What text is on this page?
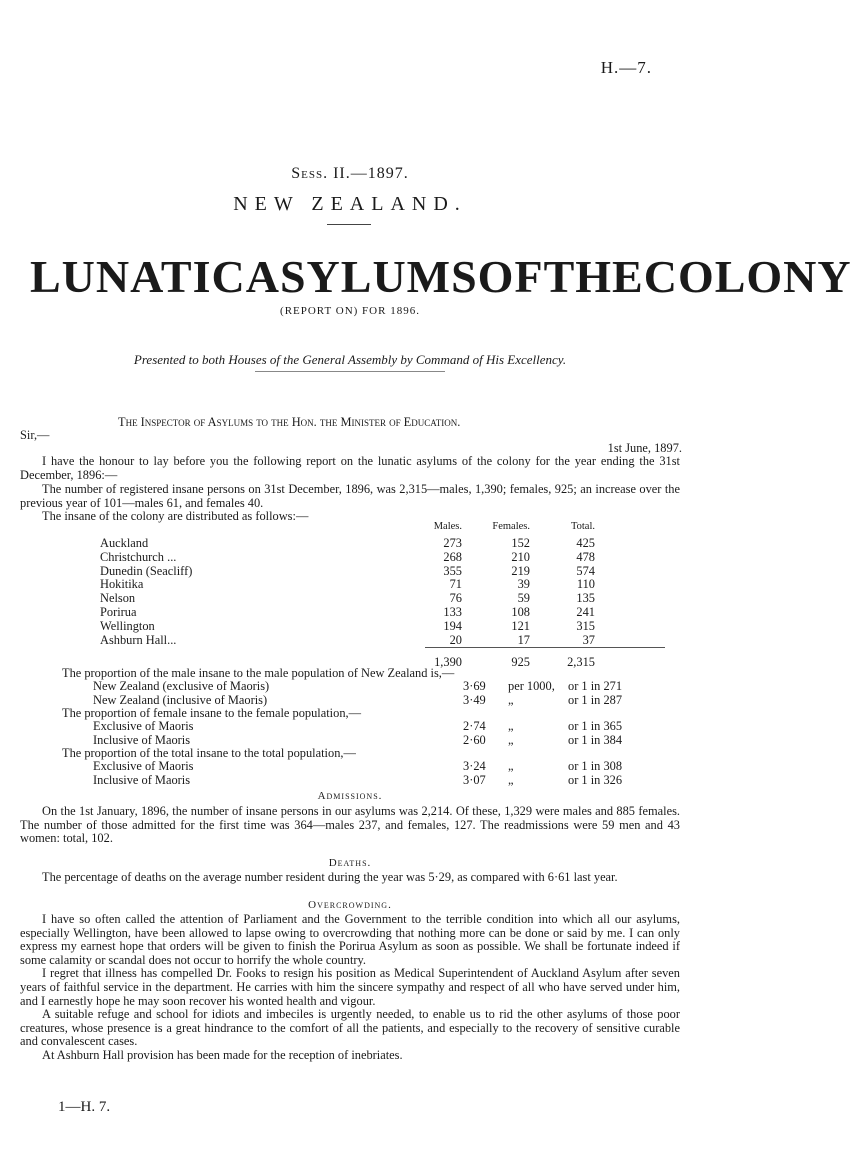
H.—7.
Sess. II.—1897.
NEW ZEALAND.
LUNATIC ASYLUMS OF THE COLONY
(REPORT ON) FOR 1896.
Presented to both Houses of the General Assembly by Command of His Excellency.
The Inspector of Asylums to the Hon. the Minister of Education.
Sir,—
1st June, 1897.

I have the honour to lay before you the following report on the lunatic asylums of the colony for the year ending the 31st December, 1896:—

The number of registered insane persons on 31st December, 1896, was 2,315—males, 1,390; females, 925; an increase over the previous year of 101—males 61, and females 40.

The insane of the colony are distributed as follows:—

Males.	Females.	Total.
Auckland	273	152	425
Christchurch ...	268	210	478
Dunedin (Seacliff)	355	219	574
Hokitika	71	39	110
Nelson	76	59	135
Porirua	133	108	241
Wellington	194	121	315
Ashburn Hall...	20	17	37
1,390	925	2,315
The proportion of the male insane to the male population of New Zealand is,—
New Zealand (exclusive of Maoris)	3·69 per 1000, or 1 in 271
New Zealand (inclusive of Maoris)	3·49 „	or 1 in 287
The proportion of female insane to the female population,—
Exclusive of Maoris	2·74 „	or 1 in 365
Inclusive of Maoris	2·60 „	or 1 in 384
The proportion of the total insane to the total population,—
Exclusive of Maoris	3·24 „	or 1 in 308
Inclusive of Maoris	3·07 „	or 1 in 326
Admissions.

On the 1st January, 1896, the number of insane persons in our asylums was 2,214. Of these, 1,329 were males and 885 females. The number of those admitted for the first time was 364—males 237, and females, 127. The readmissions were 59 men and 43 women: total, 102.

Deaths.

The percentage of deaths on the average number resident during the year was 5·29, as compared with 6·61 last year.

Overcrowding.

I have so often called the attention of Parliament and the Government to the terrible condition into which all our asylums, especially Wellington, have been allowed to lapse owing to overcrowding that nothing more can be done or said by me. I can only express my earnest hope that orders will be given to finish the Porirua Asylum as soon as possible. We shall be fortunate indeed if some calamity or scandal does not occur to horrify the whole country.

I regret that illness has compelled Dr. Fooks to resign his position as Medical Superintendent of Auckland Asylum after seven years of faithful service in the department. He carries with him the sincere sympathy and respect of all who have served under him, and I earnestly hope he may soon recover his wonted health and vigour.

A suitable refuge and school for idiots and imbeciles is urgently needed, to enable us to rid the other asylums of those poor creatures, whose presence is a great hindrance to the comfort of all the patients, and especially to the recovery of sensitive curable and convalescent cases.

At Ashburn Hall provision has been made for the reception of inebriates.

1—H. 7.
